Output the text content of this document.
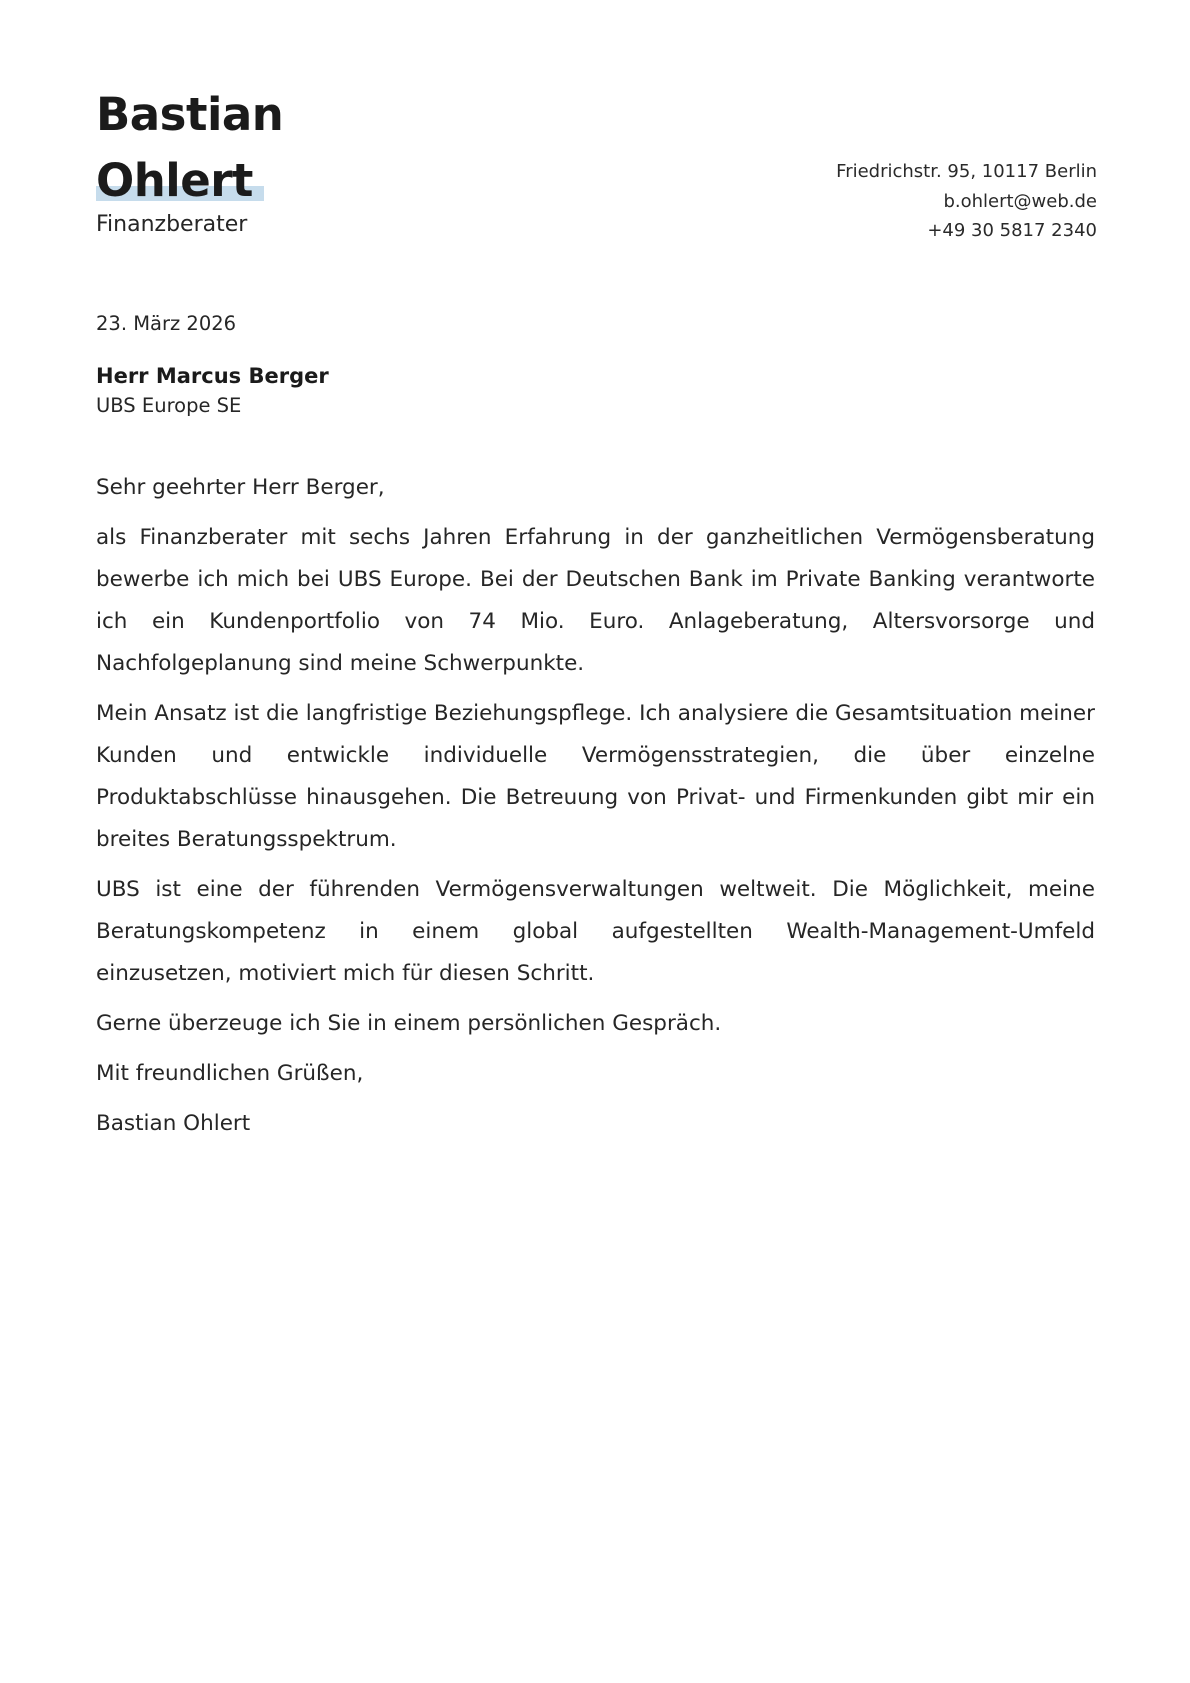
Bastian
Ohlert
Finanzberater
Friedrichstr. 95, 10117 Berlin
b.ohlert@web.de
+49 30 5817 2340
23. März 2026
Herr Marcus Berger
UBS Europe SE

Sehr geehrter Herr Berger,

als Finanzberater mit sechs Jahren Erfahrung in der ganzheitlichen Vermögensberatung bewerbe ich mich bei UBS Europe. Bei der Deutschen Bank im Private Banking verantworte ich ein Kundenportfolio von 74 Mio. Euro. Anlageberatung, Altersvorsorge und Nachfolgeplanung sind meine Schwerpunkte.

Mein Ansatz ist die langfristige Beziehungspflege. Ich analysiere die Gesamtsituation meiner Kunden und entwickle individuelle Vermögensstrategien, die über einzelne Produktabschlüsse hinausgehen. Die Betreuung von Privat- und Firmenkunden gibt mir ein breites Beratungsspektrum.

UBS ist eine der führenden Vermögensverwaltungen weltweit. Die Möglichkeit, meine Beratungskompetenz in einem global aufgestellten Wealth-Management-Umfeld einzusetzen, motiviert mich für diesen Schritt.

Gerne überzeuge ich Sie in einem persönlichen Gespräch.

Mit freundlichen Grüßen,

Bastian Ohlert
